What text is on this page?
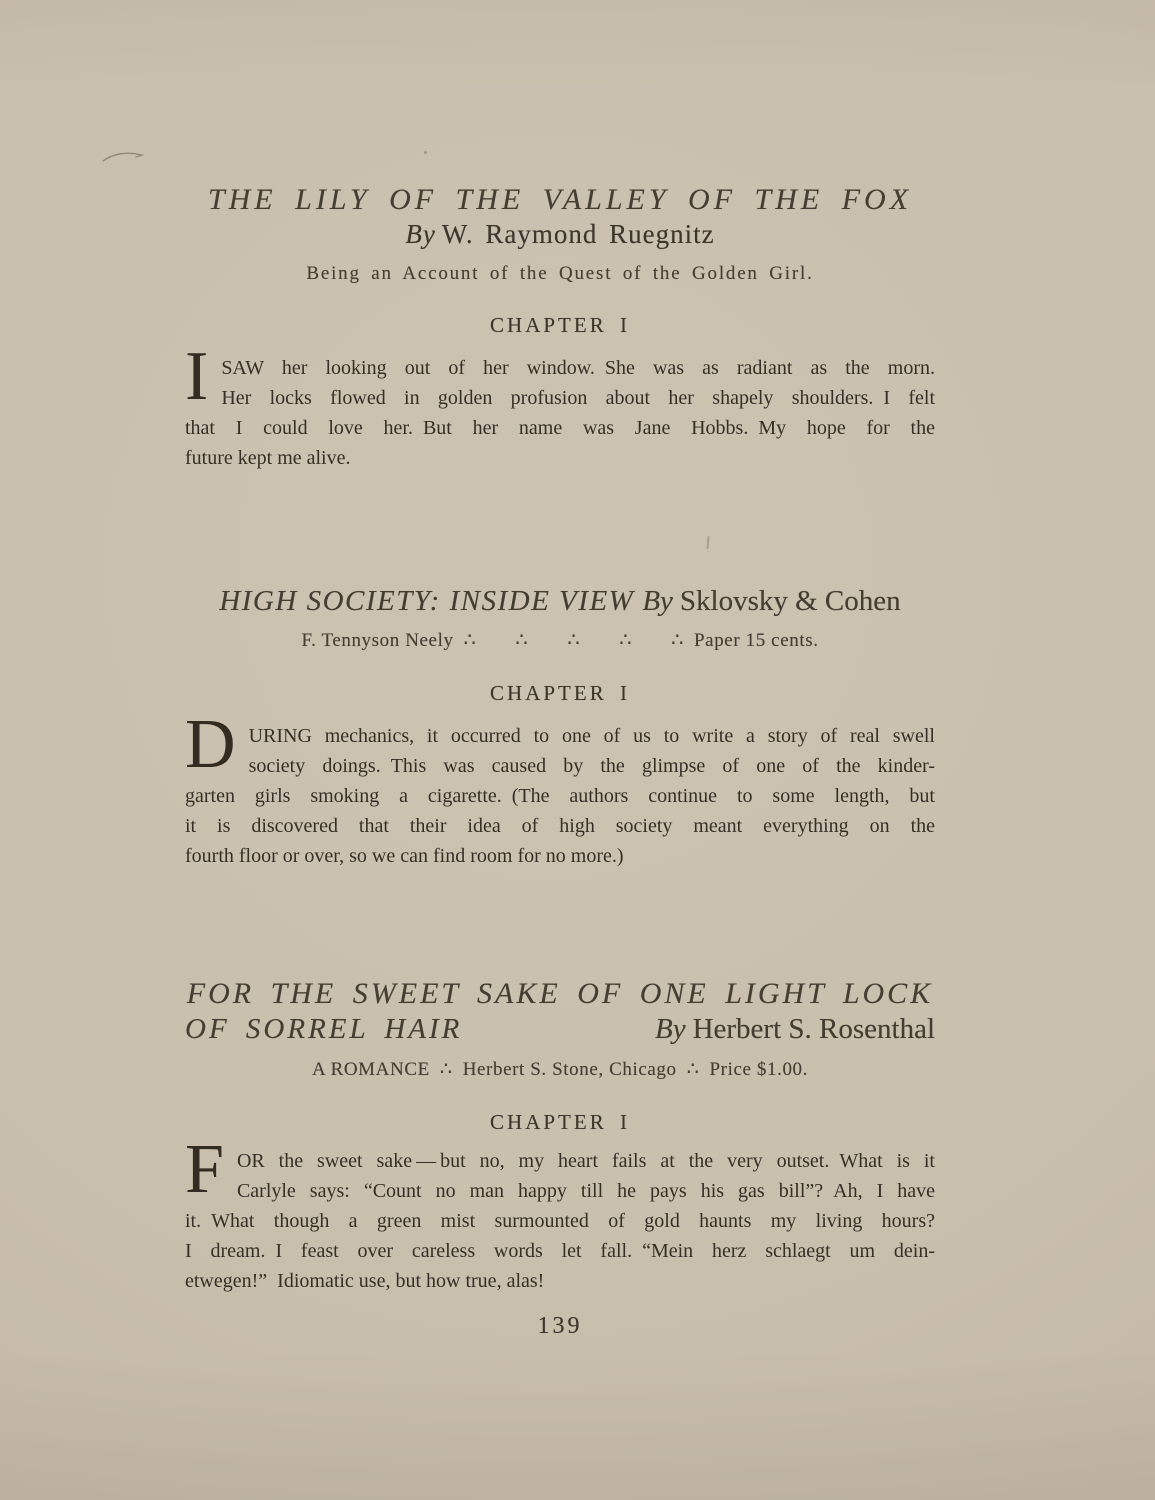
THE LILY OF THE VALLEY OF THE FOX
By W. Raymond Ruegnitz
Being an Account of the Quest of the Golden Girl.
CHAPTER I
I SAW her looking out of her window. She was as radiant as the morn.
Her locks flowed in golden profusion about her shapely shoulders. I felt
that I could love her. But her name was Jane Hobbs. My hope for the
future kept me alive.
HIGH SOCIETY: INSIDE VIEW By Sklovsky & Cohen
F. Tennyson Neely ∴  ∴  ∴  ∴  ∴ Paper 15 cents.
CHAPTER I
D URING mechanics, it occurred to one of us to write a story of real swell
society doings. This was caused by the glimpse of one of the kinder-
garten girls smoking a cigarette. (The authors continue to some length, but
it is discovered that their idea of high society meant everything on the
fourth floor or over, so we can find room for no more.)
FOR THE SWEET SAKE OF ONE LIGHT LOCK
OF SORREL HAIR	By Herbert S. Rosenthal
A ROMANCE ∴ Herbert S. Stone, Chicago ∴ Price $1.00.
CHAPTER I
F OR the sweet sake — but no, my heart fails at the very outset. What is it
Carlyle says: “Count no man happy till he pays his gas bill”? Ah, I have
it. What though a green mist surmounted of gold haunts my living hours?
I dream. I feast over careless words let fall. “Mein herz schlaegt um dein-
etwegen!” Idiomatic use, but how true, alas!
139
